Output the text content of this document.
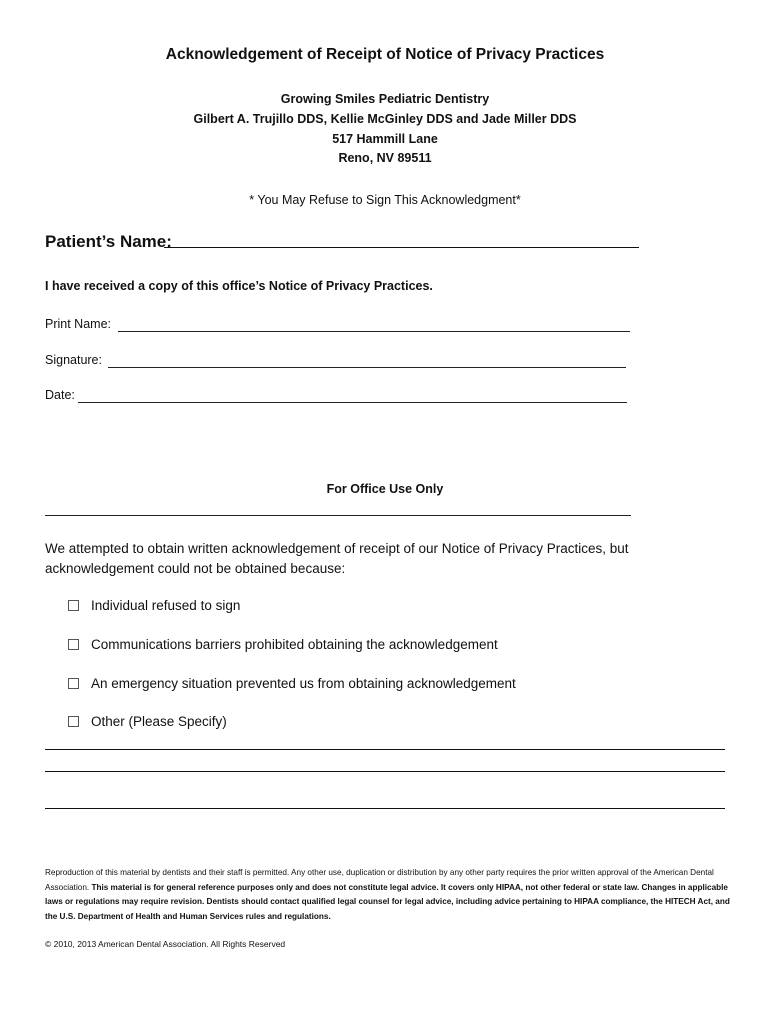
Acknowledgement of Receipt of Notice of Privacy Practices
Growing Smiles Pediatric Dentistry
Gilbert A. Trujillo DDS, Kellie McGinley DDS and Jade Miller DDS
517 Hammill Lane
Reno, NV 89511
* You May Refuse to Sign This Acknowledgment*
Patient’s Name:
I have received a copy of this office’s Notice of Privacy Practices.
Print Name:
Signature:
Date:
For Office Use Only
We attempted to obtain written acknowledgement of receipt of our Notice of Privacy Practices, but acknowledgement could not be obtained because:
Individual refused to sign
Communications barriers prohibited obtaining the acknowledgement
An emergency situation prevented us from obtaining acknowledgement
Other (Please Specify)
Reproduction of this material by dentists and their staff is permitted. Any other use, duplication or distribution by any other party requires the prior written approval of the American Dental Association. This material is for general reference purposes only and does not constitute legal advice. It covers only HIPAA, not other federal or state law. Changes in applicable laws or regulations may require revision. Dentists should contact qualified legal counsel for legal advice, including advice pertaining to HIPAA compliance, the HITECH Act, and the U.S. Department of Health and Human Services rules and regulations.
© 2010, 2013 American Dental Association. All Rights Reserved
